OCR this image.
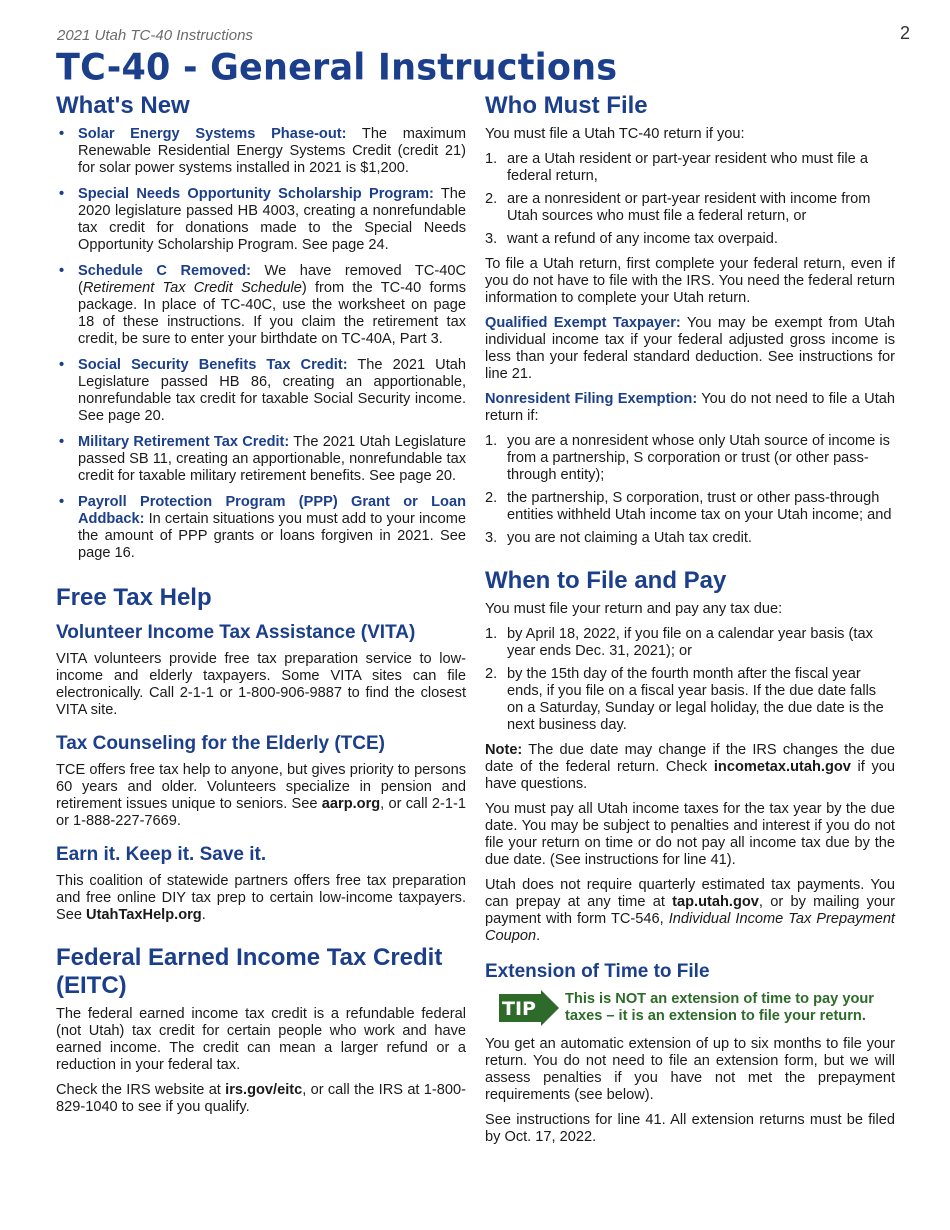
2021 Utah TC-40 Instructions	2
TC-40 - General Instructions
What's New
• Solar Energy Systems Phase-out: The maximum Renewable Residential Energy Systems Credit (credit 21) for solar power systems installed in 2021 is $1,200.
• Special Needs Opportunity Scholarship Program: The 2020 legislature passed HB 4003, creating a nonrefundable tax credit for donations made to the Special Needs Opportunity Scholarship Program. See page 24.
• Schedule C Removed: We have removed TC-40C (Retirement Tax Credit Schedule) from the TC-40 forms package. In place of TC-40C, use the worksheet on page 18 of these instructions. If you claim the retirement tax credit, be sure to enter your birthdate on TC-40A, Part 3.
• Social Security Benefits Tax Credit: The 2021 Utah Legislature passed HB 86, creating an apportionable, nonrefundable tax credit for taxable Social Security income. See page 20.
• Military Retirement Tax Credit: The 2021 Utah Legislature passed SB 11, creating an apportionable, nonrefundable tax credit for taxable military retirement benefits. See page 20.
• Payroll Protection Program (PPP) Grant or Loan Addback: In certain situations you must add to your income the amount of PPP grants or loans forgiven in 2021. See page 16.
Free Tax Help
Volunteer Income Tax Assistance (VITA)

VITA volunteers provide free tax preparation service to low-income and elderly taxpayers. Some VITA sites can file electronically. Call 2-1-1 or 1-800-906-9887 to find the closest VITA site.

Tax Counseling for the Elderly (TCE)

TCE offers free tax help to anyone, but gives priority to persons 60 years and older. Volunteers specialize in pension and retirement issues unique to seniors. See aarp.org, or call 2-1-1 or 1-888-227-7669.

Earn it. Keep it. Save it.

This coalition of statewide partners offers free tax preparation and free online DIY tax prep to certain low-income taxpayers. See UtahTaxHelp.org.

Federal Earned Income Tax Credit (EITC)

The federal earned income tax credit is a refundable federal (not Utah) tax credit for certain people who work and have earned income. The credit can mean a larger refund or a reduction in your federal tax.

Check the IRS website at irs.gov/eitc, or call the IRS at 1-800-829-1040 to see if you qualify.

Who Must File

You must file a Utah TC-40 return if you:

1. are a Utah resident or part-year resident who must file a federal return,
2. are a nonresident or part-year resident with income from Utah sources who must file a federal return, or
3. want a refund of any income tax overpaid.

To file a Utah return, first complete your federal return, even if you do not have to file with the IRS. You need the federal return information to complete your Utah return.

Qualified Exempt Taxpayer: You may be exempt from Utah individual income tax if your federal adjusted gross income is less than your federal standard deduction. See instructions for line 21.

Nonresident Filing Exemption: You do not need to file a Utah return if:

1. you are a nonresident whose only Utah source of income is from a partnership, S corporation or trust (or other pass-through entity);
2. the partnership, S corporation, trust or other pass-through entities withheld Utah income tax on your Utah income; and
3. you are not claiming a Utah tax credit.
When to File and Pay

You must file your return and pay any tax due:

1. by April 18, 2022, if you file on a calendar year basis (tax year ends Dec. 31, 2021); or
2. by the 15th day of the fourth month after the fiscal year ends, if you file on a fiscal year basis. If the due date falls on a Saturday, Sunday or legal holiday, the due date is the next business day.

Note: The due date may change if the IRS changes the due date of the federal return. Check incometax.utah.gov if you have questions.

You must pay all Utah income taxes for the tax year by the due date. You may be subject to penalties and interest if you do not file your return on time or do not pay all income tax due by the due date. (See instructions for line 41).

Utah does not require quarterly estimated tax payments. You can prepay at any time at tap.utah.gov, or by mailing your payment with form TC-546, Individual Income Tax Prepayment Coupon.

Extension of Time to File
TIP This is NOT an extension of time to pay your taxes – it is an extension to file your return.

You get an automatic extension of up to six months to file your return. You do not need to file an extension form, but we will assess penalties if you have not met the prepayment requirements (see below).

See instructions for line 41. All extension returns must be filed by Oct. 17, 2022.
